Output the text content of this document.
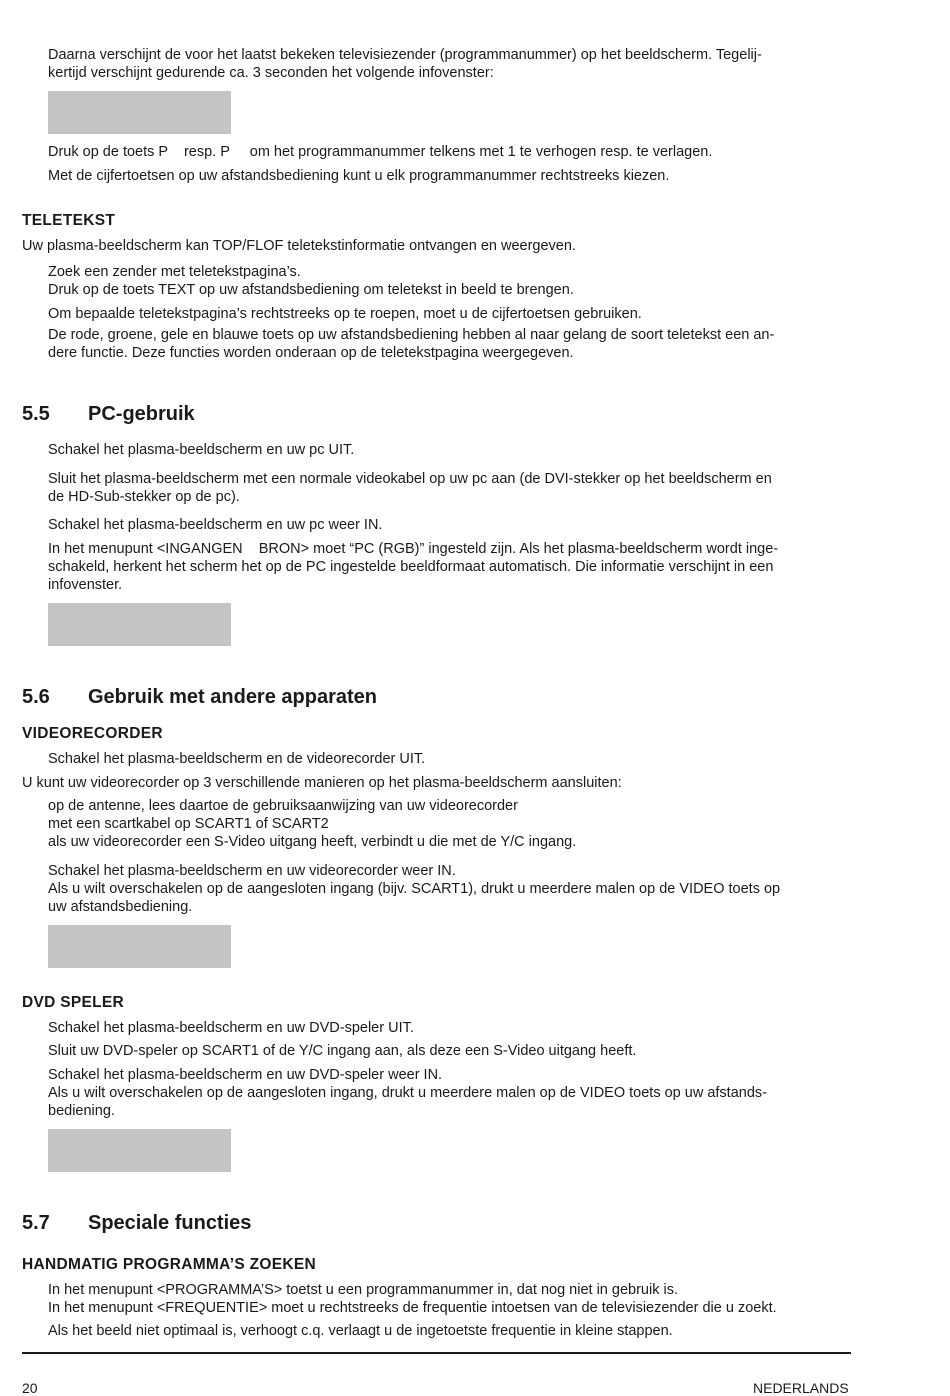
Daarna verschijnt de voor het laatst bekeken televisiezender (programmanummer) op het beeldscherm. Tegelij-
kertijd verschijnt gedurende ca. 3 seconden het volgende infovenster:
Druk op de toets P    resp. P     om het programmanummer telkens met 1 te verhogen resp. te verlagen.
Met de cijfertoetsen op uw afstandsbediening kunt u elk programmanummer rechtstreeks kiezen.
TELETEKST
Uw plasma-beeldscherm kan TOP/FLOF teletekstinformatie ontvangen en weergeven.
Zoek een zender met teletekstpagina’s.
Druk op de toets TEXT op uw afstandsbediening om teletekst in beeld te brengen.
Om bepaalde teletekstpagina’s rechtstreeks op te roepen, moet u de cijfertoetsen gebruiken.
De rode, groene, gele en blauwe toets op uw afstandsbediening hebben al naar gelang de soort teletekst een an-
dere functie. Deze functies worden onderaan op de teletekstpagina weergegeven.
5.5 PC-gebruik
Schakel het plasma-beeldscherm en uw pc UIT.
Sluit het plasma-beeldscherm met een normale videokabel op uw pc aan (de DVI-stekker op het beeldscherm en
de HD-Sub-stekker op de pc).
Schakel het plasma-beeldscherm en uw pc weer IN.
In het menupunt <INGANGEN    BRON> moet “PC (RGB)” ingesteld zijn. Als het plasma-beeldscherm wordt inge-
schakeld, herkent het scherm het op de PC ingestelde beeldformaat automatisch. Die informatie verschijnt in een
infovenster.
5.6 Gebruik met andere apparaten
VIDEORECORDER
Schakel het plasma-beeldscherm en de videorecorder UIT.
U kunt uw videorecorder op 3 verschillende manieren op het plasma-beeldscherm aansluiten:
op de antenne, lees daartoe de gebruiksaanwijzing van uw videorecorder
met een scartkabel op SCART1 of SCART2
als uw videorecorder een S-Video uitgang heeft, verbindt u die met de Y/C ingang.
Schakel het plasma-beeldscherm en uw videorecorder weer IN.
Als u wilt overschakelen op de aangesloten ingang (bijv. SCART1), drukt u meerdere malen op de VIDEO toets op
uw afstandsbediening.
DVD SPELER
Schakel het plasma-beeldscherm en uw DVD-speler UIT.
Sluit uw DVD-speler op SCART1 of de Y/C ingang aan, als deze een S-Video uitgang heeft.
Schakel het plasma-beeldscherm en uw DVD-speler weer IN.
Als u wilt overschakelen op de aangesloten ingang, drukt u meerdere malen op de VIDEO toets op uw afstands-
bediening.
5.7 Speciale functies
HANDMATIG PROGRAMMA’S ZOEKEN
In het menupunt <PROGRAMMA’S> toetst u een programmanummer in, dat nog niet in gebruik is.
In het menupunt <FREQUENTIE> moet u rechtstreeks de frequentie intoetsen van de televisiezender die u zoekt.
Als het beeld niet optimaal is, verhoogt c.q. verlaagt u de ingetoetste frequentie in kleine stappen.
20	NEDERLANDS
